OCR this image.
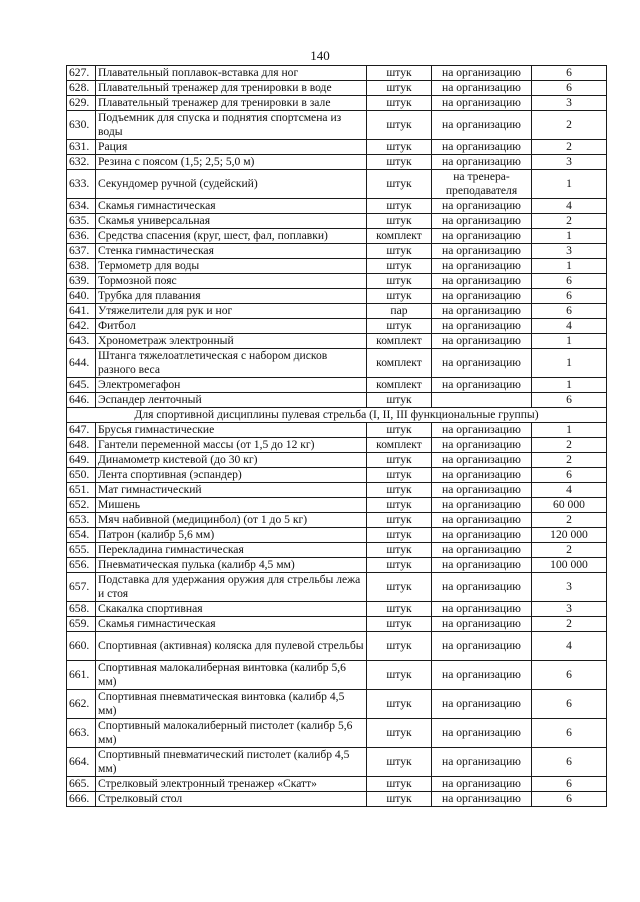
140
627.	Плавательный поплавок-вставка для ног	штук	на организацию	6
628.	Плавательный тренажер для тренировки в воде	штук	на организацию	6
629.	Плавательный тренажер для тренировки в зале	штук	на организацию	3
630.	Подъемник для спуска и поднятия спортсмена из воды	штук	на организацию	2
631.	Рация	штук	на организацию	2
632.	Резина с поясом (1,5; 2,5; 5,0 м)	штук	на организацию	3
633.	Секундомер ручной (судейский)	штук	на тренера-преподавателя	1
634.	Скамья гимнастическая	штук	на организацию	4
635.	Скамья универсальная	штук	на организацию	2
636.	Средства спасения (круг, шест, фал, поплавки)	комплект	на организацию	1
637.	Стенка гимнастическая	штук	на организацию	3
638.	Термометр для воды	штук	на организацию	1
639.	Тормозной пояс	штук	на организацию	6
640.	Трубка для плавания	штук	на организацию	6
641.	Утяжелители для рук и ног	пар	на организацию	6
642.	Фитбол	штук	на организацию	4
643.	Хронометраж электронный	комплект	на организацию	1
644.	Штанга тяжелоатлетическая с набором дисков разного веса	комплект	на организацию	1
645.	Электромегафон	комплект	на организацию	1
646.	Эспандер ленточный	штук		6
Для спортивной дисциплины пулевая стрельба (I, II, III функциональные группы)				
647.	Брусья гимнастические	штук	на организацию	1
648.	Гантели переменной массы (от 1,5 до 12 кг)	комплект	на организацию	2
649.	Динамометр кистевой (до 30 кг)	штук	на организацию	2
650.	Лента спортивная (эспандер)	штук	на организацию	6
651.	Мат гимнастический	штук	на организацию	4
652.	Мишень	штук	на организацию	60 000
653.	Мяч набивной (медицинбол) (от 1 до 5 кг)	штук	на организацию	2
654.	Патрон (калибр 5,6 мм)	штук	на организацию	120 000
655.	Перекладина гимнастическая	штук	на организацию	2
656.	Пневматическая пулька (калибр 4,5 мм)	штук	на организацию	100 000
657.	Подставка для удержания оружия для стрельбы лежа и стоя	штук	на организацию	3
658.	Скакалка спортивная	штук	на организацию	3
659.	Скамья гимнастическая	штук	на организацию	2
660.	Спортивная (активная) коляска для пулевой стрельбы	штук	на организацию	4
661.	Спортивная малокалиберная винтовка (калибр 5,6 мм)	штук	на организацию	6
662.	Спортивная пневматическая винтовка (калибр 4,5 мм)	штук	на организацию	6
663.	Спортивный малокалиберный пистолет (калибр 5,6 мм)	штук	на организацию	6
664.	Спортивный пневматический пистолет (калибр 4,5 мм)	штук	на организацию	6
665.	Стрелковый электронный тренажер «Скатт»	штук	на организацию	6
666.	Стрелковый стол	штук	на организацию	6
